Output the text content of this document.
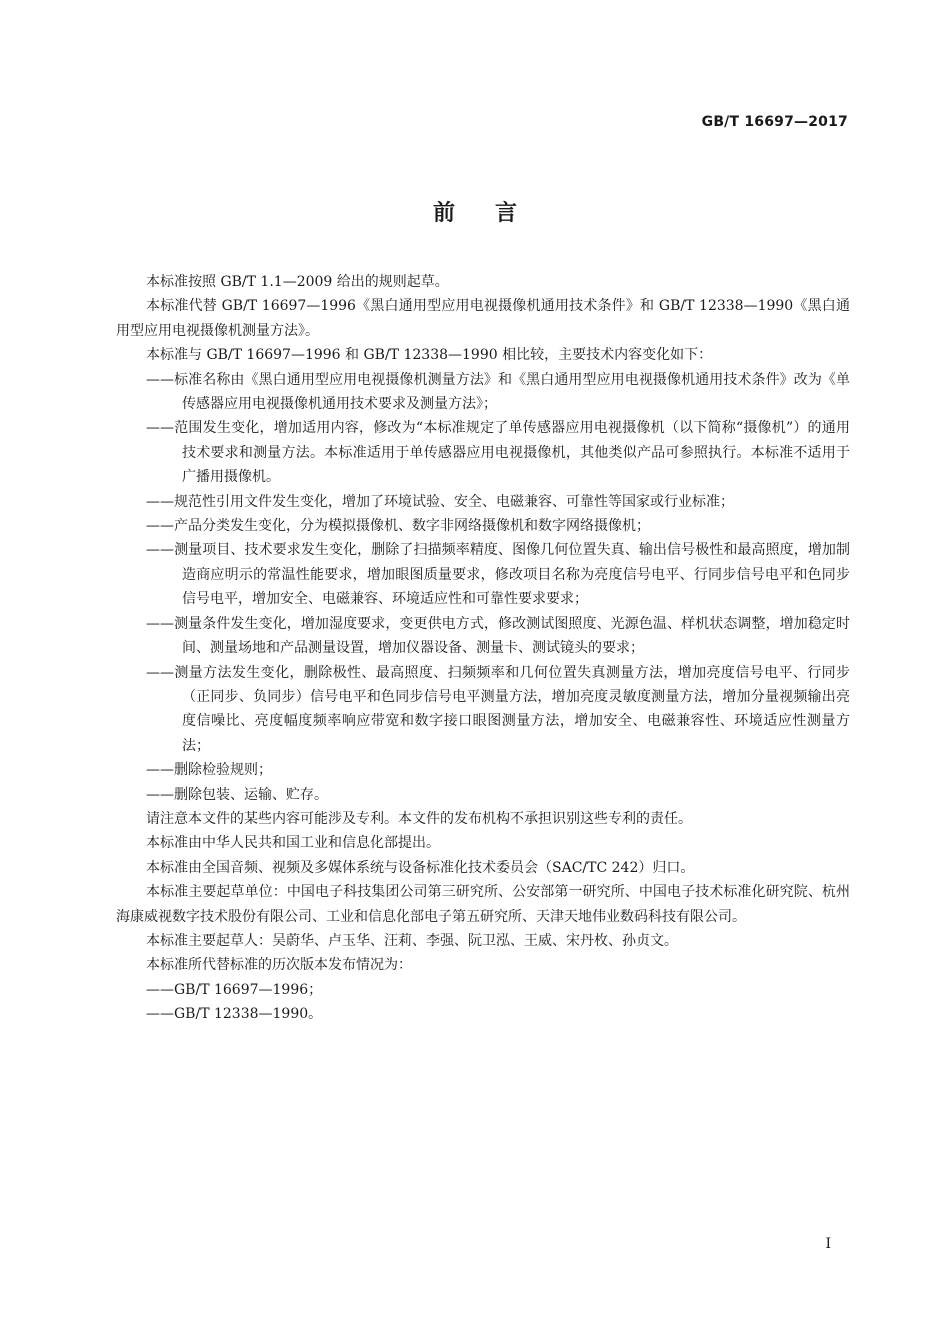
GB/T 16697—2017

前言

本标准按照 GB/T 1.1—2009 给出的规则起草。

本标准代替 GB/T 16697—1996《黑白通用型应用电视摄像机通用技术条件》和 GB/T 12338—1990《黑白通用型应用电视摄像机测量方法》。

本标准与 GB/T 16697—1996 和 GB/T 12338—1990 相比较，主要技术内容变化如下：

——标准名称由《黑白通用型应用电视摄像机测量方法》和《黑白通用型应用电视摄像机通用技术条件》改为《单传感器应用电视摄像机通用技术要求及测量方法》；

——范围发生变化，增加适用内容，修改为“本标准规定了单传感器应用电视摄像机（以下简称“摄像机”）的通用技术要求和测量方法。本标准适用于单传感器应用电视摄像机，其他类似产品可参照执行。本标准不适用于广播用摄像机。

——规范性引用文件发生变化，增加了环境试验、安全、电磁兼容、可靠性等国家或行业标准；

——产品分类发生变化，分为模拟摄像机、数字非网络摄像机和数字网络摄像机；

——测量项目、技术要求发生变化，删除了扫描频率精度、图像几何位置失真、输出信号极性和最高照度，增加制造商应明示的常温性能要求，增加眼图质量要求，修改项目名称为亮度信号电平、行同步信号电平和色同步信号电平，增加安全、电磁兼容、环境适应性和可靠性要求要求；

——测量条件发生变化，增加湿度要求，变更供电方式，修改测试图照度、光源色温、样机状态调整，增加稳定时间、测量场地和产品测量设置，增加仪器设备、测量卡、测试镜头的要求；

——测量方法发生变化，删除极性、最高照度、扫频频率和几何位置失真测量方法，增加亮度信号电平、行同步（正同步、负同步）信号电平和色同步信号电平测量方法，增加亮度灵敏度测量方法，增加分量视频输出亮度信噪比、亮度幅度频率响应带宽和数字接口眼图测量方法，增加安全、电磁兼容性、环境适应性测量方法；

——删除检验规则；

——删除包装、运输、贮存。

请注意本文件的某些内容可能涉及专利。本文件的发布机构不承担识别这些专利的责任。

本标准由中华人民共和国工业和信息化部提出。

本标准由全国音频、视频及多媒体系统与设备标准化技术委员会（SAC/TC 242）归口。

本标准主要起草单位：中国电子科技集团公司第三研究所、公安部第一研究所、中国电子技术标准化研究院、杭州海康威视数字技术股份有限公司、工业和信息化部电子第五研究所、天津天地伟业数码科技有限公司。

本标准主要起草人：吴蔚华、卢玉华、汪莉、李强、阮卫泓、王威、宋丹枚、孙贞文。

本标准所代替标准的历次版本发布情况为：

——GB/T 16697—1996；

——GB/T 12338—1990。

I
